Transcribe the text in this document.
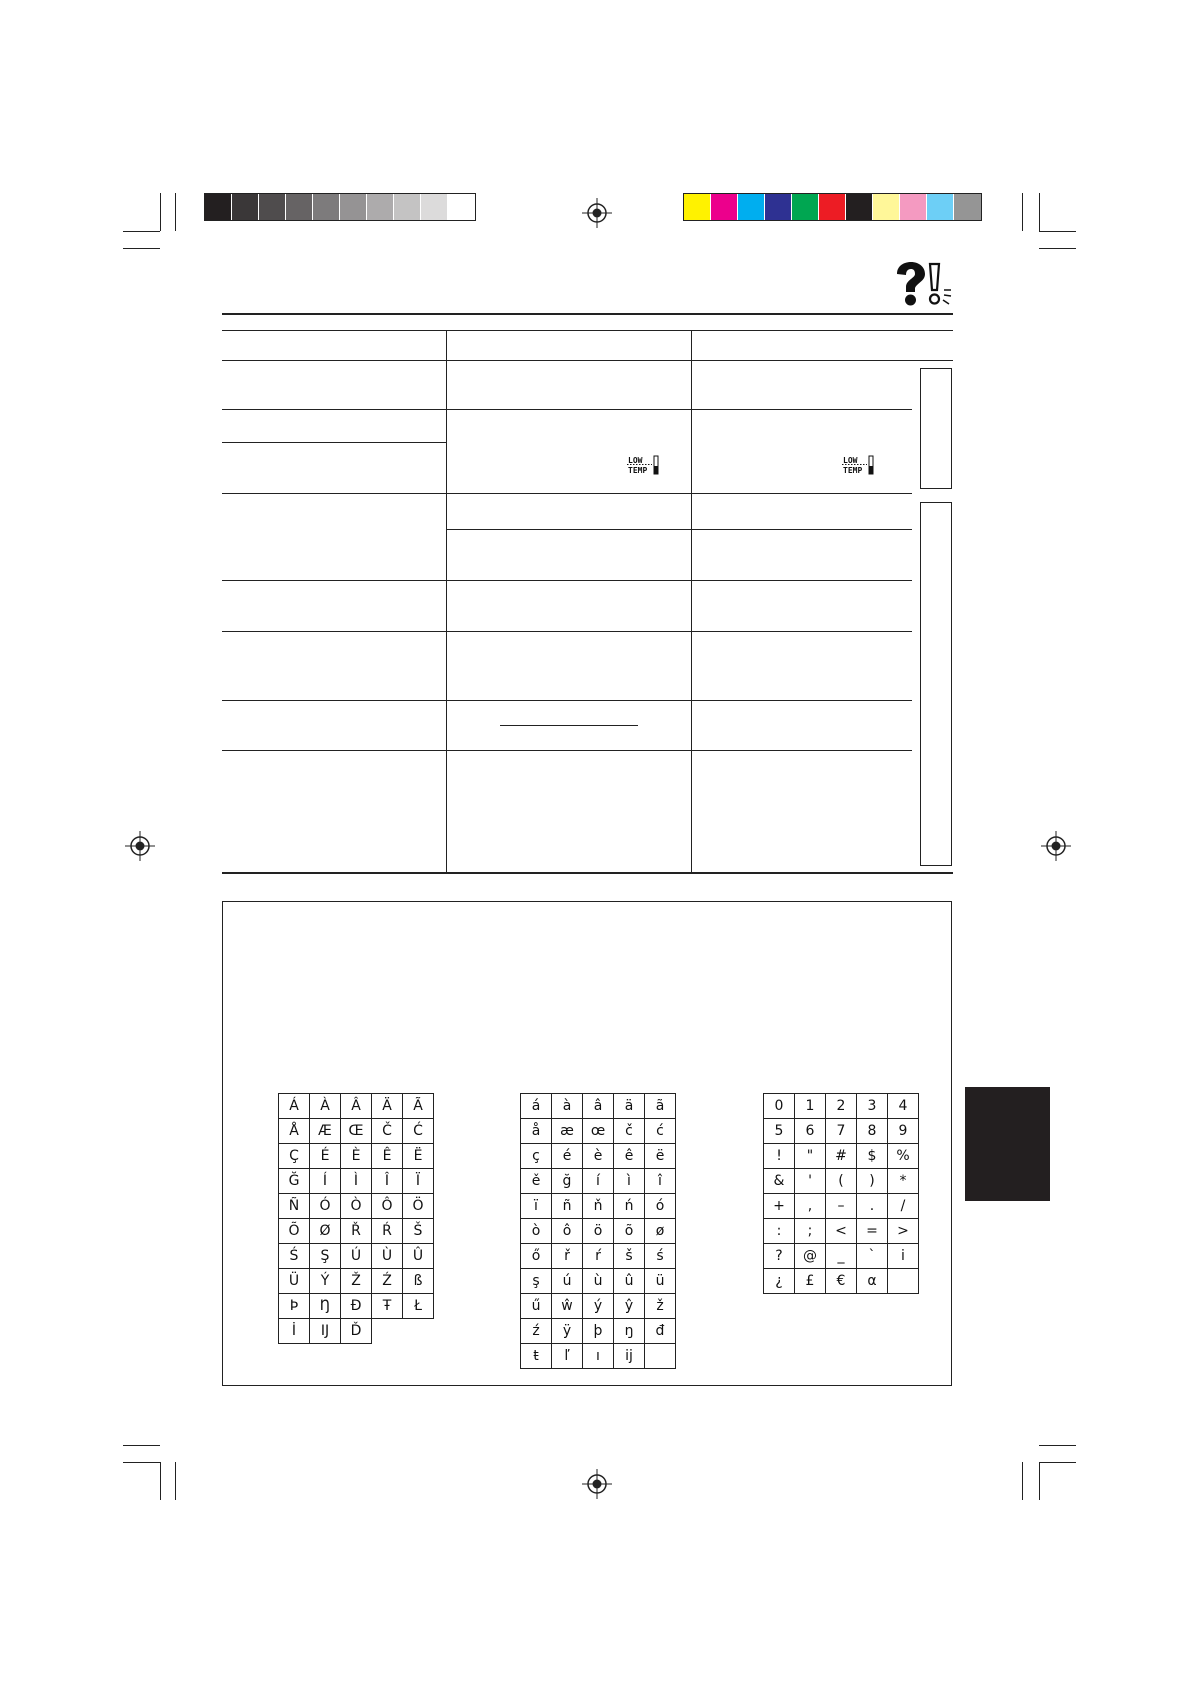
LOW
TEMP
LOW
TEMP
Á	À	Â	Ä	Ã
Å	Æ	Œ	Č	Ć
Ç	É	È	Ê	Ë
Ğ	Í	Ì	Î	Ï
Ñ	Ó	Ò	Ô	Ö
Õ	Ø	Ř	Ŕ	Š
Ś	Ş	Ú	Ù	Û
Ü	Ý	Ž	Ź	ß
Þ	Ŋ	Đ	Ŧ	Ł
İ	Ĳ	Ď		
á	à	â	ä	ã
å	æ	œ	č	ć
ç	é	è	ê	ë
ě	ğ	í	ì	î
ï	ñ	ň	ń	ó
ò	ô	ö	õ	ø
ő	ř	ŕ	š	ś
ş	ú	ù	û	ü
ű	ŵ	ý	ŷ	ž
ź	ÿ	þ	ŋ	đ
ŧ	ľ	ı	ĳ	
0	1	2	3	4
5	6	7	8	9
!	"	#	$	%
&	'	(	)	*
+	,	–	.	/
:	;	<	=	>
?	@	_	`	i
¿	£	€	α	
